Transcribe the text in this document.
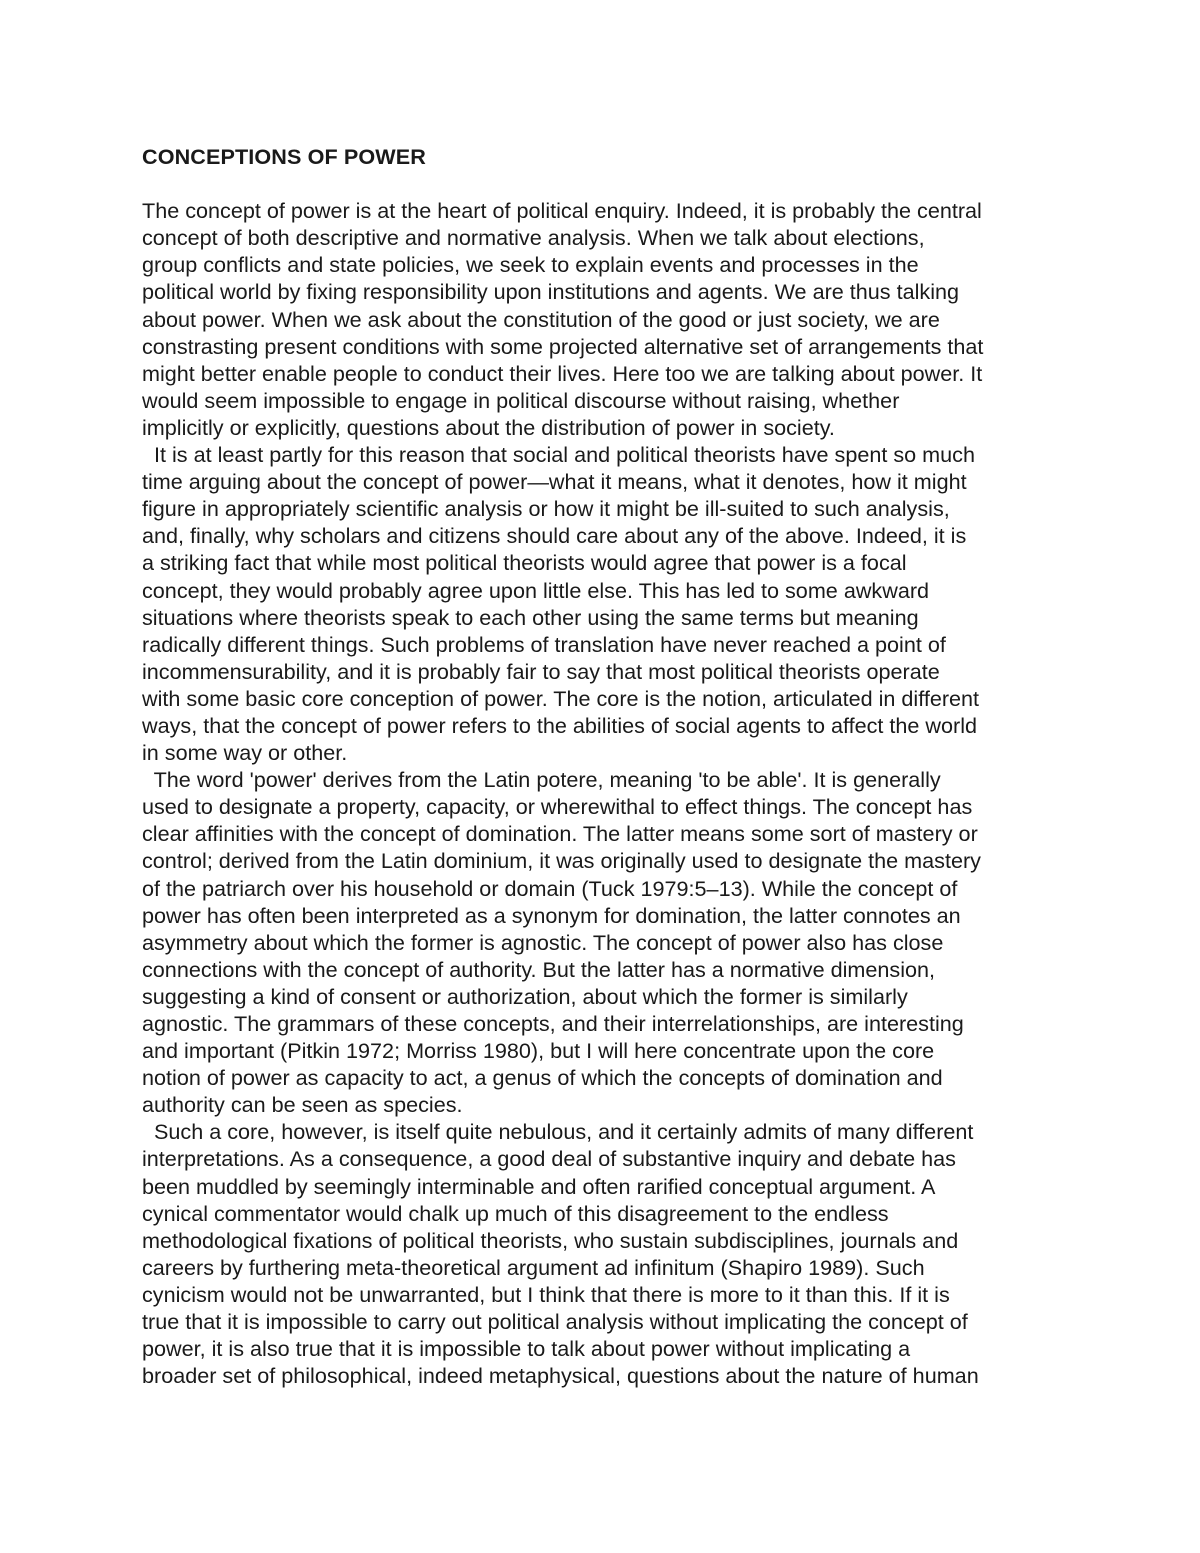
CONCEPTIONS OF POWER
The concept of power is at the heart of political enquiry. Indeed, it is probably the central
concept of both descriptive and normative analysis. When we talk about elections,
group conflicts and state policies, we seek to explain events and processes in the
political world by fixing responsibility upon institutions and agents. We are thus talking
about power. When we ask about the constitution of the good or just society, we are
constrasting present conditions with some projected alternative set of arrangements that
might better enable people to conduct their lives. Here too we are talking about power. It
would seem impossible to engage in political discourse without raising, whether
implicitly or explicitly, questions about the distribution of power in society.
It is at least partly for this reason that social and political theorists have spent so much
time arguing about the concept of power—what it means, what it denotes, how it might
figure in appropriately scientific analysis or how it might be ill-suited to such analysis,
and, finally, why scholars and citizens should care about any of the above. Indeed, it is
a striking fact that while most political theorists would agree that power is a focal
concept, they would probably agree upon little else. This has led to some awkward
situations where theorists speak to each other using the same terms but meaning
radically different things. Such problems of translation have never reached a point of
incommensurability, and it is probably fair to say that most political theorists operate
with some basic core conception of power. The core is the notion, articulated in different
ways, that the concept of power refers to the abilities of social agents to affect the world
in some way or other.
The word 'power' derives from the Latin potere, meaning 'to be able'. It is generally
used to designate a property, capacity, or wherewithal to effect things. The concept has
clear affinities with the concept of domination. The latter means some sort of mastery or
control; derived from the Latin dominium, it was originally used to designate the mastery
of the patriarch over his household or domain (Tuck 1979:5–13). While the concept of
power has often been interpreted as a synonym for domination, the latter connotes an
asymmetry about which the former is agnostic. The concept of power also has close
connections with the concept of authority. But the latter has a normative dimension,
suggesting a kind of consent or authorization, about which the former is similarly
agnostic. The grammars of these concepts, and their interrelationships, are interesting
and important (Pitkin 1972; Morriss 1980), but I will here concentrate upon the core
notion of power as capacity to act, a genus of which the concepts of domination and
authority can be seen as species.
Such a core, however, is itself quite nebulous, and it certainly admits of many different
interpretations. As a consequence, a good deal of substantive inquiry and debate has
been muddled by seemingly interminable and often rarified conceptual argument. A
cynical commentator would chalk up much of this disagreement to the endless
methodological fixations of political theorists, who sustain subdisciplines, journals and
careers by furthering meta-theoretical argument ad infinitum (Shapiro 1989). Such
cynicism would not be unwarranted, but I think that there is more to it than this. If it is
true that it is impossible to carry out political analysis without implicating the concept of
power, it is also true that it is impossible to talk about power without implicating a
broader set of philosophical, indeed metaphysical, questions about the nature of human
